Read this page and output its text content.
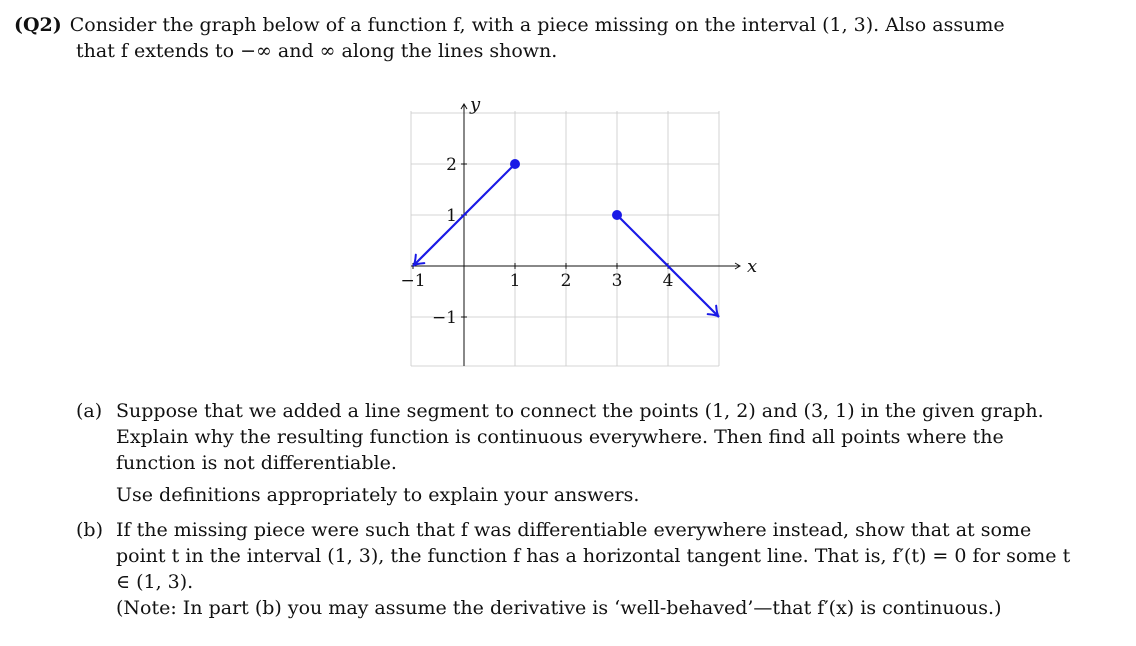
(Q2) Consider the graph below of a function f, with a piece missing on the interval (1, 3). Also assume
that f extends to −∞ and ∞ along the lines shown.
x
y
−1	1 2 3 4
2
1
−1
(a) Suppose that we added a line segment to connect the points (1, 2) and (3, 1) in the given graph. Explain why the resulting function is continuous everywhere. Then find all points where the function is not differentiable.

Use definitions appropriately to explain your answers.

(b) If the missing piece were such that f was differentiable everywhere instead, show that at some point t in the interval (1, 3), the function f has a horizontal tangent line. That is, f′(t) = 0 for some t ∈ (1, 3).

(Note: In part (b) you may assume the derivative is ‘well-behaved’—that f′(x) is continuous.)
